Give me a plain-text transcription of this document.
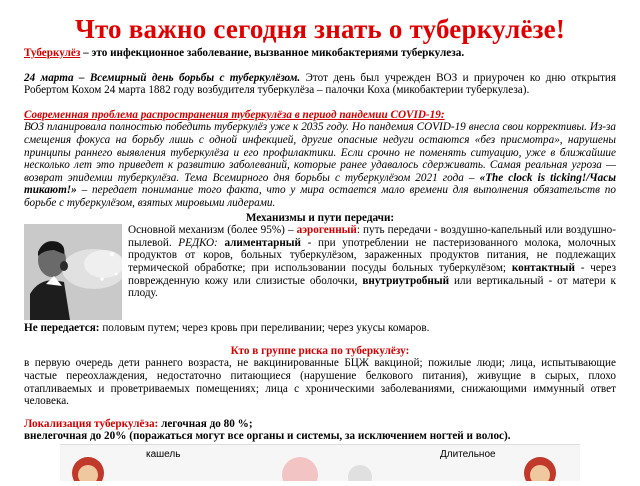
Что важно сегодня знать о туберкулёзе!

Туберкулёз – это инфекционное заболевание, вызванное микобактериями туберкулеза.

24 марта – Всемирный день борьбы с туберкулёзом. Этот день был учрежден ВОЗ и приурочен ко дню открытия Робертом Кохом 24 марта 1882 году возбудителя туберкулёза – палочки Коха (микобактерии туберкулеза).

Современная проблема распространения туберкулёза в период пандемии COVID-19:

ВОЗ планировала полностью победить туберкулёз уже к 2035 году. Но пандемия COVID-19 внесла свои коррективы. Из-за смещения фокуса на борьбу лишь с одной инфекцией, другие опасные недуги остаются «без присмотра», нарушены принципы раннего выявления туберкулёза и его профилактики. Если срочно не поменять ситуацию, уже в ближайшие несколько лет это приведет к развитию заболеваний, которые ранее удавалось сдерживать. Самая реальная угроза — возврат эпидемии туберкулёза. Тема Всемирного дня борьбы с туберкулёзом 2021 года – «The clock is ticking!/Часы тикают!» – передает понимание того факта, что у мира остается мало времени для выполнения обязательств по борьбе с туберкулёзом, взятых мировыми лидерами.

Механизмы и пути передачи:

Основной механизм (более 95%) – аэрогенный: путь передачи - воздушно-капельный или воздушно-пылевой. РЕДКО: алиментарный - при употреблении не пастеризованного молока, молочных продуктов от коров, больных туберкулёзом, зараженных продуктов питания, не подлежащих термической обработке; при использовании посуды больных туберкулёзом; контактный - через поврежденную кожу или слизистые оболочки, внутриутробный или вертикальный - от матери к плоду.

Не передается: половым путем; через кровь при переливании; через укусы комаров.

Кто в группе риска по туберкулёзу:

в первую очередь дети раннего возраста, не вакцинированные БЦЖ вакциной; пожилые люди; лица, испытывающие частые переохлаждения, недостаточно питающиеся (нарушение белкового питания), живущие в сырых, плохо отапливаемых и проветриваемых помещениях; лица с хроническими заболеваниями, снижающими иммунный ответ человека.

Локализация туберкулёза: легочная до 80 %;

внелегочная до 20% (поражаться могут все органы и системы, за исключением ногтей и волос).

кашель	Длительное
